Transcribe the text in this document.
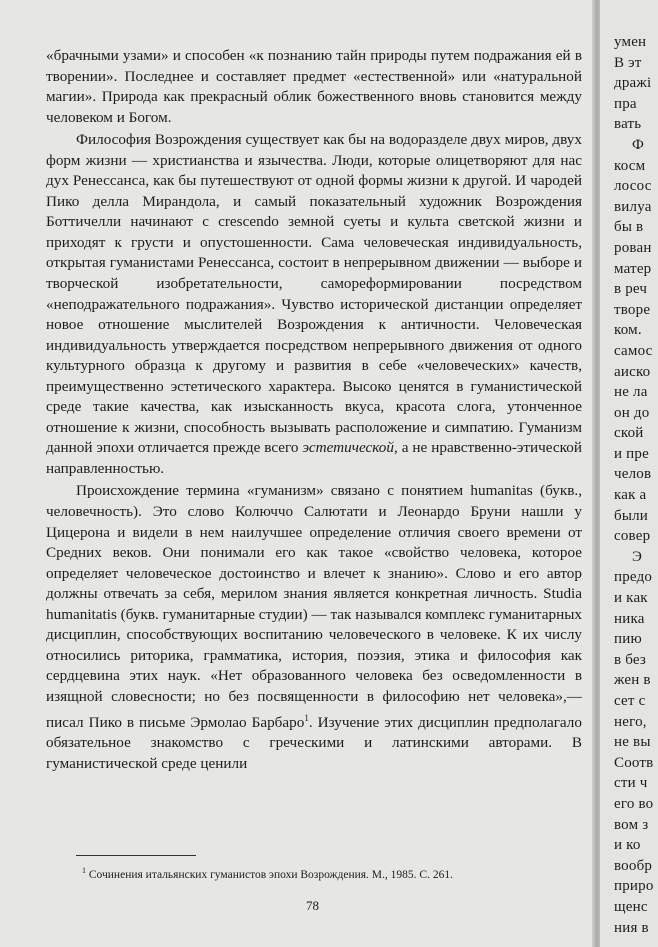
«брачными узами» и способен «к познанию тайн природы путем подражания ей в творении». Последнее и составляет предмет «естественной» или «натуральной магии». Природа как прекрасный облик божественного вновь становится между человеком и Богом.

Философия Возрождения существует как бы на водоразделе двух миров, двух форм жизни — христианства и язычества. Люди, которые олицетворяют для нас дух Ренессанса, как бы путешествуют от одной формы жизни к другой. И чародей Пико делла Мирандола, и самый показательный художник Возрождения Боттичелли начинают с crescendo земной суеты и культа светской жизни и приходят к грусти и опустошенности. Сама человеческая индивидуальность, открытая гуманистами Ренессанса, состоит в непрерывном движении — выборе и творческой изобретательности, самореформировании посредством «неподражательного подражания». Чувство исторической дистанции определяет новое отношение мыслителей Возрождения к античности. Человеческая индивидуальность утверждается посредством непрерывного движения от одного культурного образца к другому и развития в себе «человеческих» качеств, преимущественно эстетического характера. Высоко ценятся в гуманистической среде такие качества, как изысканность вкуса, красота слога, утонченное отношение к жизни, способность вызывать расположение и симпатию. Гуманизм данной эпохи отличается прежде всего эстетической, а не нравственно-этической направленностью.

Происхождение термина «гуманизм» связано с понятием humanitas (букв., человечность). Это слово Колюччо Салютати и Леонардо Бруни нашли у Цицерона и видели в нем наилучшее определение отличия своего времени от Средних веков. Они понимали его как такое «свойство человека, которое определяет человеческое достоинство и влечет к знанию». Слово и его автор должны отвечать за себя, мерилом знания является конкретная личность. Studia humanitatis (букв. гуманитарные студии) — так назывался комплекс гуманитарных дисциплин, способствующих воспитанию человеческого в человеке. К их числу относились риторика, грамматика, история, поэзия, этика и философия как сердцевина этих наук. «Нет образованного человека без осведомленности в изящной словесности; но без посвященности в философию нет человека»,— писал Пико в письме Эрмолао Барбаро$^1$. Изучение этих дисциплин предполагало обязательное знакомство с греческими и латинскими авторами. В гуманистической среде ценили

$^1$ Сочинения итальянских гуманистов эпохи Возрождения. М., 1985. С. 261.

78

умен
В эт
дражі
пра
вать
Ф
косм
лосос
вилуа
бы в
рован
матер
в реч
творе
ком.
самос
аиско
не ла
он до
ской
и пре
челов
как а
были
совер
Э
предо
и как
ника
пию
в без
жен в
сет с
него,
не вы
Соотв
сти ч
его во
вом з
и ко
вообр
приро
щенс
ния в
